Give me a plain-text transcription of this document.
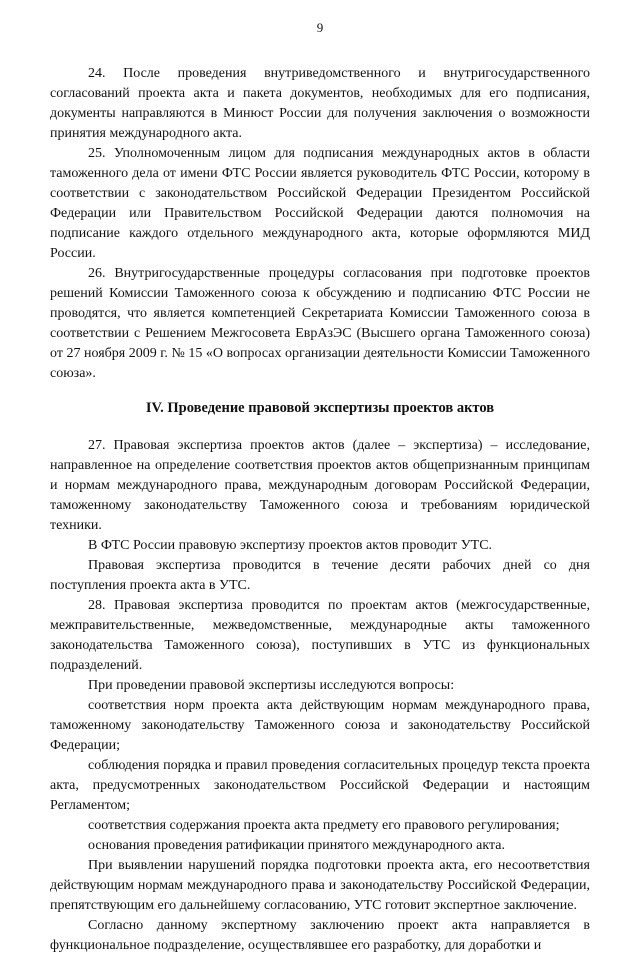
9

24. После проведения внутриведомственного и внутригосударственного согласований проекта акта и пакета документов, необходимых для его подписания, документы направляются в Минюст России для получения заключения о возможности принятия международного акта.

25. Уполномоченным лицом для подписания международных актов в области таможенного дела от имени ФТС России является руководитель ФТС России, которому в соответствии с законодательством Российской Федерации Президентом Российской Федерации или Правительством Российской Федерации даются полномочия на подписание каждого отдельного международного акта, которые оформляются МИД России.

26. Внутригосударственные процедуры согласования при подготовке проектов решений Комиссии Таможенного союза к обсуждению и подписанию ФТС России не проводятся, что является компетенцией Секретариата Комиссии Таможенного союза в соответствии с Решением Межгосовета ЕврАзЭС (Высшего органа Таможенного союза) от 27 ноября 2009 г. № 15 «О вопросах организации деятельности Комиссии Таможенного союза».

IV. Проведение правовой экспертизы проектов актов

27. Правовая экспертиза проектов актов (далее – экспертиза) – исследование, направленное на определение соответствия проектов актов общепризнанным принципам и нормам международного права, международным договорам Российской Федерации, таможенному законодательству Таможенного союза и требованиям юридической техники.

В ФТС России правовую экспертизу проектов актов проводит УТС.

Правовая экспертиза проводится в течение десяти рабочих дней со дня поступления проекта акта в УТС.

28. Правовая экспертиза проводится по проектам актов (межгосударственные, межправительственные, межведомственные, международные акты таможенного законодательства Таможенного союза), поступивших в УТС из функциональных подразделений.

При проведении правовой экспертизы исследуются вопросы:

соответствия норм проекта акта действующим нормам международного права, таможенному законодательству Таможенного союза и законодательству Российской Федерации;

соблюдения порядка и правил проведения согласительных процедур текста проекта акта, предусмотренных законодательством Российской Федерации и настоящим Регламентом;

соответствия содержания проекта акта предмету его правового регулирования;

основания проведения ратификации принятого международного акта.

При выявлении нарушений порядка подготовки проекта акта, его несоответствия действующим нормам международного права и законодательству Российской Федерации, препятствующим его дальнейшему согласованию, УТС готовит экспертное заключение.

Согласно данному экспертному заключению проект акта направляется в функциональное подразделение, осуществлявшее его разработку, для доработки и
